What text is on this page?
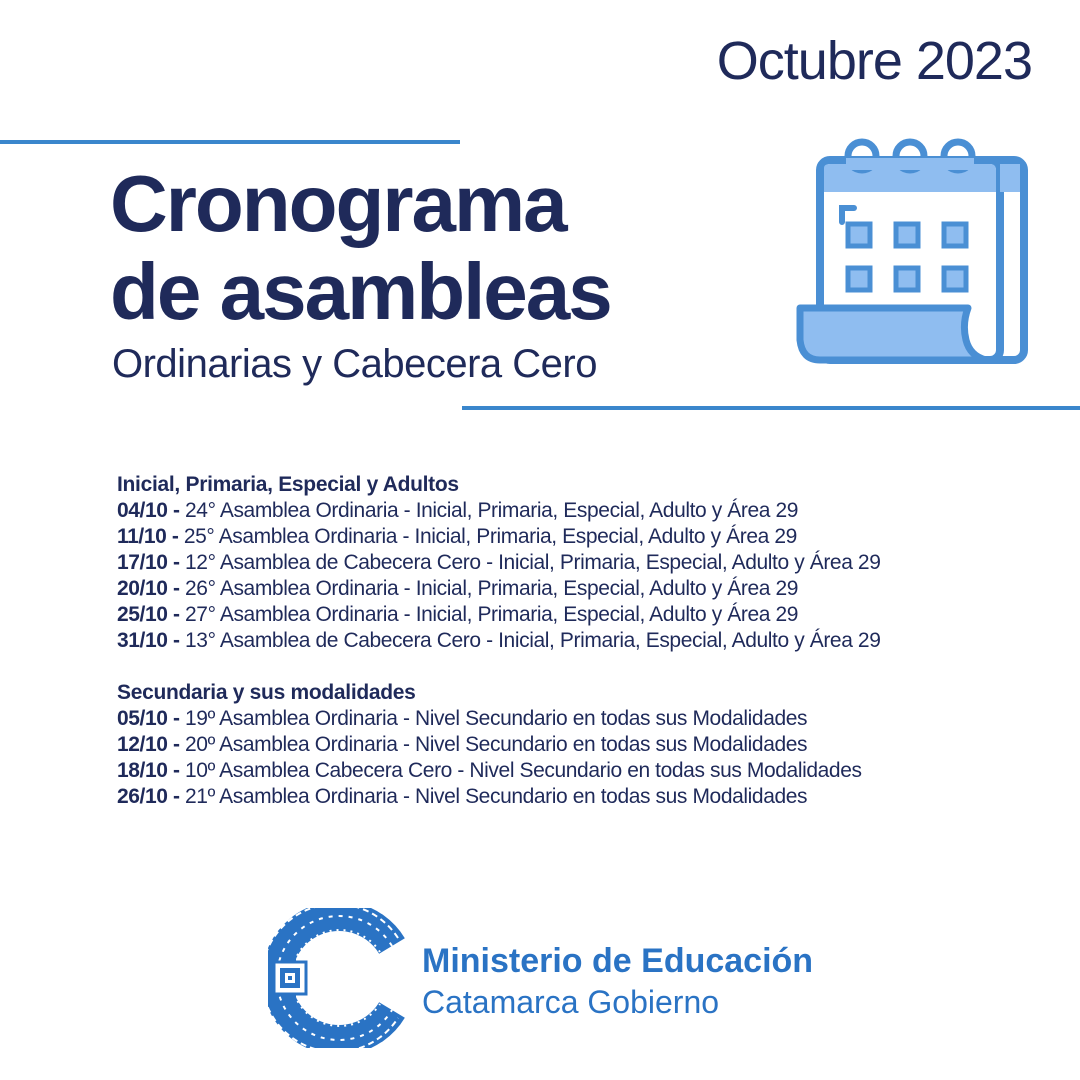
Octubre 2023
Cronograma
de asambleas
Ordinarias y Cabecera Cero
Inicial, Primaria, Especial y Adultos
04/10 - 24° Asamblea Ordinaria - Inicial, Primaria, Especial, Adulto y Área 29
11/10 - 25° Asamblea Ordinaria - Inicial, Primaria, Especial, Adulto y Área 29
17/10 - 12° Asamblea de Cabecera Cero - Inicial, Primaria, Especial, Adulto y Área 29
20/10 - 26° Asamblea Ordinaria - Inicial, Primaria, Especial, Adulto y Área 29
25/10 - 27° Asamblea Ordinaria - Inicial, Primaria, Especial, Adulto y Área 29
31/10 - 13° Asamblea de Cabecera Cero - Inicial, Primaria, Especial, Adulto y Área 29
Secundaria y sus modalidades
05/10 - 19º Asamblea Ordinaria - Nivel Secundario en todas sus Modalidades
12/10 - 20º Asamblea Ordinaria - Nivel Secundario en todas sus Modalidades
18/10 - 10º Asamblea Cabecera Cero - Nivel Secundario en todas sus Modalidades
26/10 - 21º Asamblea Ordinaria - Nivel Secundario en todas sus Modalidades
Ministerio de Educación
Catamarca Gobierno
